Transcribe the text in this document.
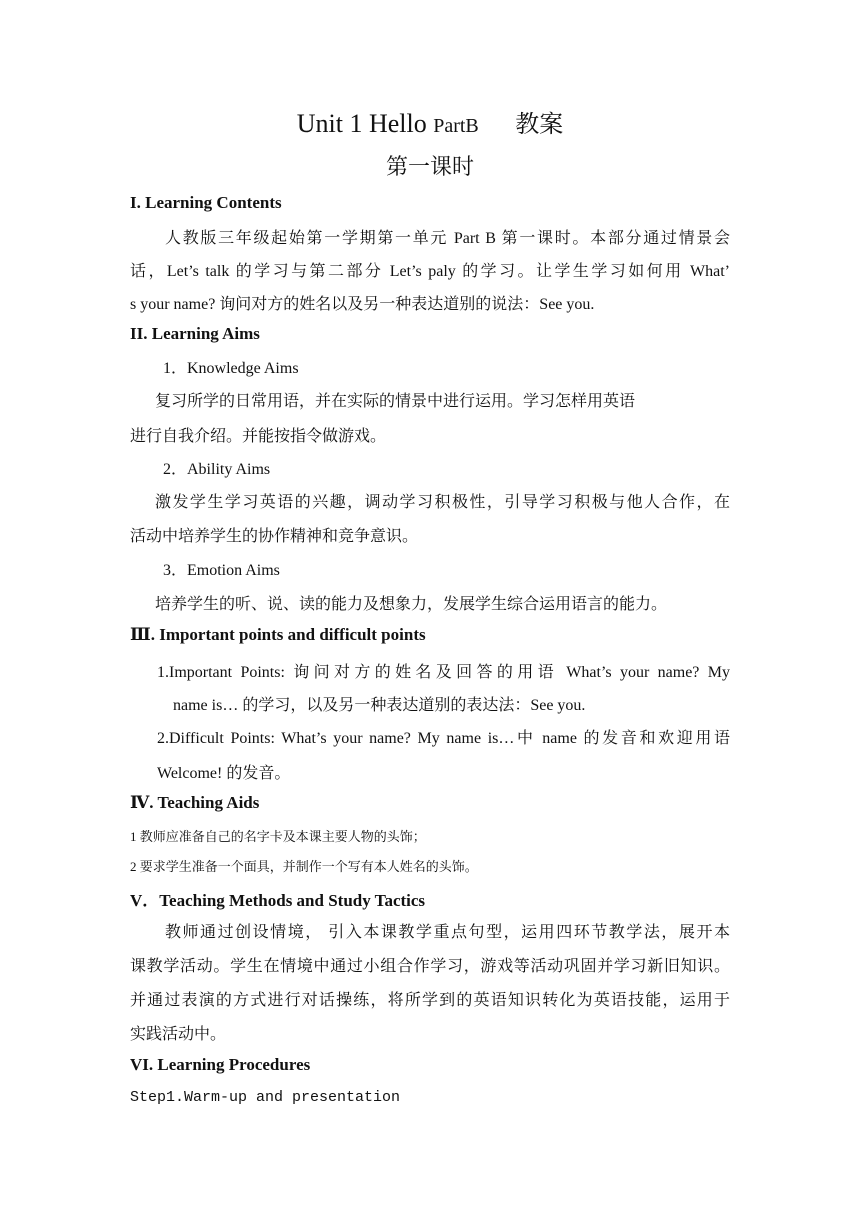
Unit 1 Hello PartB 教案
第一课时
I. Learning Contents
人教版三年级起始第一学期第一单元 Part B 第一课时。本部分通过情景会
话，Let’s talk 的学习与第二部分 Let’s paly 的学习。让学生学习如何用 What’
s your name? 询问对方的姓名以及另一种表达道别的说法：See you.
II. Learning Aims
1．Knowledge Aims
复习所学的日常用语，并在实际的情景中进行运用。学习怎样用英语
进行自我介绍。并能按指令做游戏。
2．Ability Aims
激发学生学习英语的兴趣，调动学习积极性，引导学习积极与他人合作，在
活动中培养学生的协作精神和竞争意识。
3．Emotion Aims
培养学生的听、说、读的能力及想象力，发展学生综合运用语言的能力。
Ⅲ. Important points and difficult points
1.Important Points: 询问对方的姓名及回答的用语 What’s your name? My
name is… 的学习，以及另一种表达道别的表达法：See you.
2.Difficult Points: What’s your name? My name is…中 name 的发音和欢迎用语
Welcome! 的发音。
Ⅳ. Teaching Aids
1 教师应准备自己的名字卡及本课主要人物的头饰；
2 要求学生准备一个面具，并制作一个写有本人姓名的头饰。
V．Teaching Methods and Study Tactics
教师通过创设情境， 引入本课教学重点句型，运用四环节教学法，展开本
课教学活动。学生在情境中通过小组合作学习，游戏等活动巩固并学习新旧知识。
并通过表演的方式进行对话操练，将所学到的英语知识转化为英语技能，运用于
实践活动中。
VI. Learning Procedures
Step1.Warm-up and presentation
